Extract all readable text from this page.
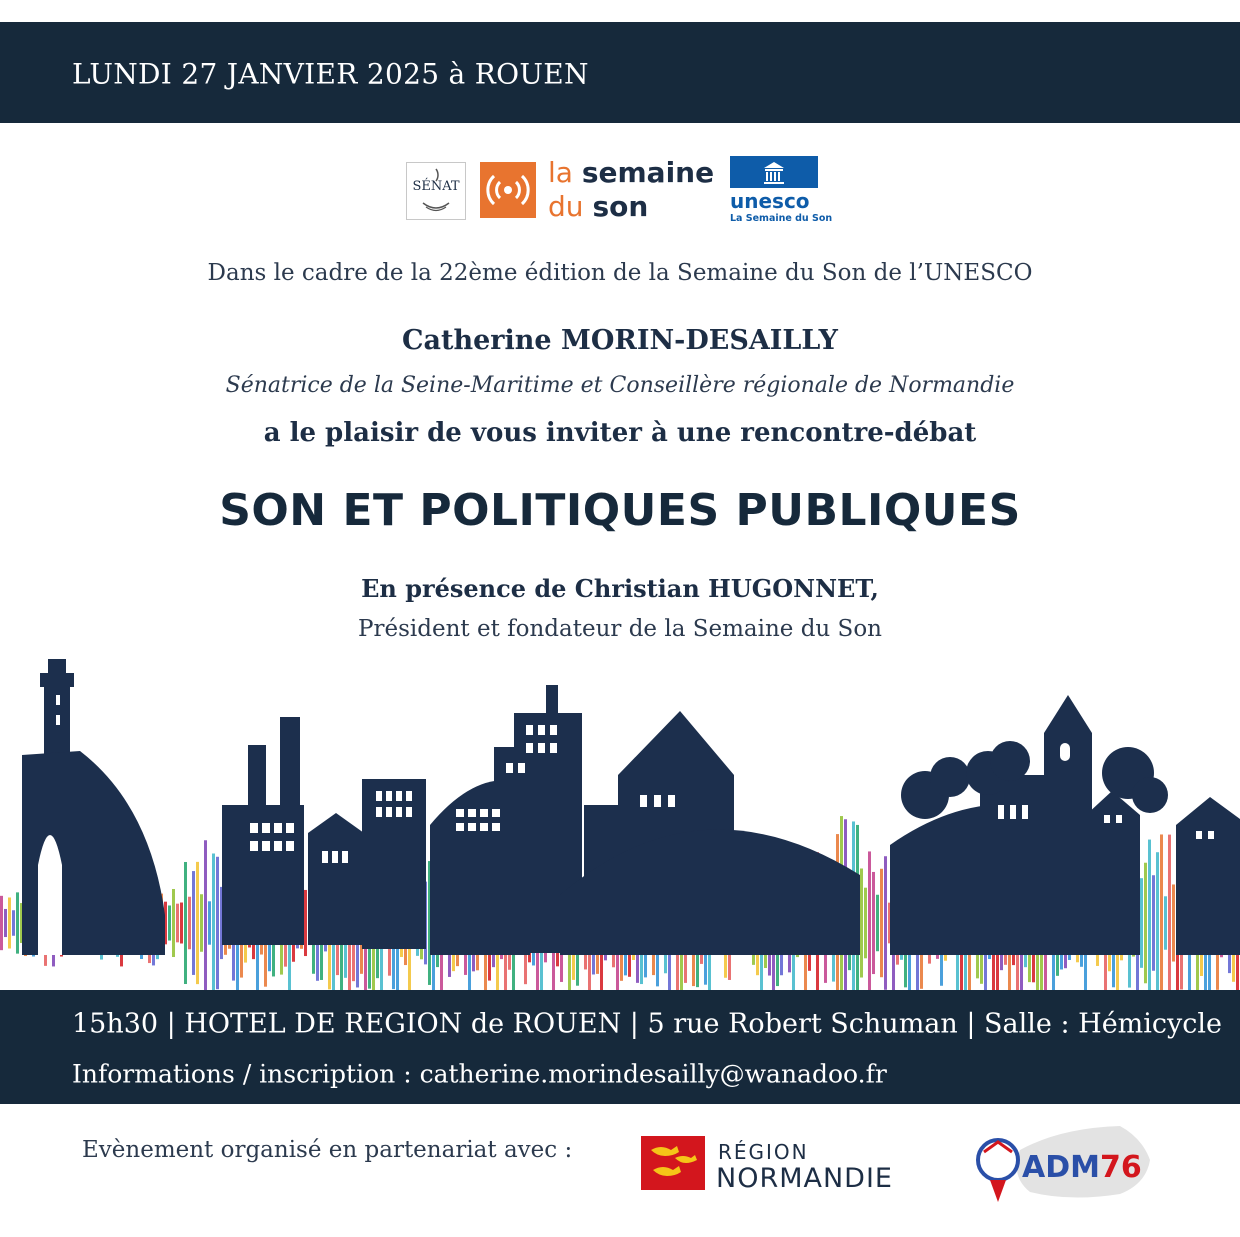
LUNDI 27 JANVIER 2025 à ROUEN
SÉNAT	la semaine
du son	unesco
La Semaine du Son
Dans le cadre de la 22ème édition de la Semaine du Son de l’UNESCO
Catherine MORIN-DESAILLY
Sénatrice de la Seine-Maritime et Conseillère régionale de Normandie
a le plaisir de vous inviter à une rencontre-débat
SON ET POLITIQUES PUBLIQUES
En présence de Christian HUGONNET,
Président et fondateur de la Semaine du Son
15h30 | HOTEL DE REGION de ROUEN | 5 rue Robert Schuman | Salle : Hémicycle
Informations / inscription : catherine.morindesailly@wanadoo.fr
Evènement organisé en partenariat avec :	RÉGION
NORMANDIE	ADM76
